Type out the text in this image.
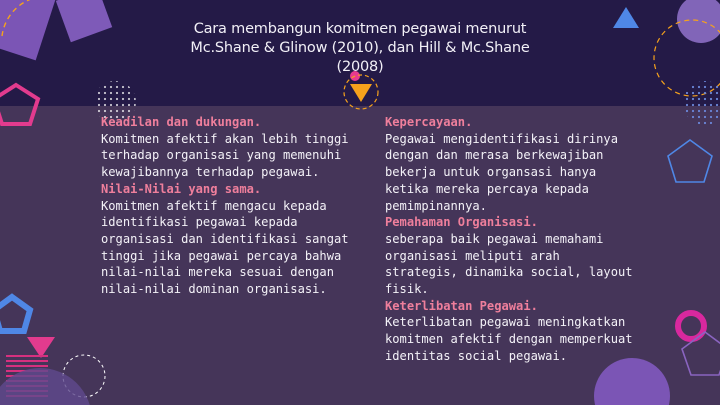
Cara membangun komitmen pegawai menurut Mc.Shane & Glinow (2010), dan Hill & Mc.Shane (2008)
Keadilan dan dukungan.
Komitmen afektif akan lebih tinggi
terhadap organisasi yang memenuhi
kewajibannya terhadap pegawai.
Nilai-Nilai yang sama.
Komitmen afektif mengacu kepada
identifikasi pegawai kepada
organisasi dan identifikasi sangat
tinggi jika pegawai percaya bahwa
nilai-nilai mereka sesuai dengan
nilai-nilai dominan organisasi.
Kepercayaan.
Pegawai mengidentifikasi dirinya
dengan dan merasa berkewajiban
bekerja untuk organsasi hanya
ketika mereka percaya kepada
pemimpinannya.
Pemahaman Organisasi.
seberapa baik pegawai memahami
organisasi meliputi arah
strategis, dinamika social, layout
fisik.
Keterlibatan Pegawai.
Keterlibatan pegawai meningkatkan
komitmen afektif dengan memperkuat
identitas social pegawai.
